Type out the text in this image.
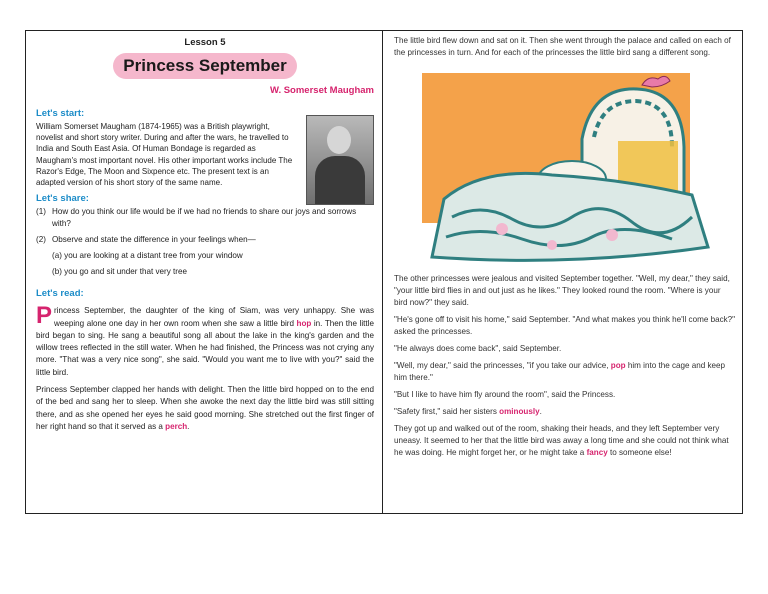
Lesson 5
Princess September
W. Somerset Maugham
Let's start:
William Somerset Maugham (1874-1965) was a British playwright, novelist and short story writer. During and after the wars, he travelled to India and South East Asia. Of Human Bondage is regarded as Maugham's most important novel. His other important works include The Razor's Edge, The Moon and Sixpence etc. The present text is an adapted version of his short story of the same name.
Let's share:
(1) How do you think our life would be if we had no friends to share our joys and sorrows with?
(2) Observe and state the difference in your feelings when—
(a) you are looking at a distant tree from your window
(b) you go and sit under that very tree
Let's read:
Princess September, the daughter of the king of Siam, was very unhappy. She was weeping alone one day in her own room when she saw a little bird hop in. Then the little bird began to sing. He sang a beautiful song all about the lake in the king's garden and the willow trees reflected in the still water. When he had finished, the Princess was not crying any more. "That was a very nice song", she said. "Would you want me to live with you?" said the little bird.
Princess September clapped her hands with delight. Then the little bird hopped on to the end of the bed and sang her to sleep. When she awoke the next day the little bird was still sitting there, and as she opened her eyes he said good morning. She stretched out the first finger of her right hand so that it served as a perch.

The little bird flew down and sat on it. Then she went through the palace and called on each of the princesses in turn. And for each of the princesses the little bird sang a different song.

The other princesses were jealous and visited September together. "Well, my dear," they said, "your little bird flies in and out just as he likes." They looked round the room. "Where is your bird now?" they said.

"He's gone off to visit his home," said September. "And what makes you think he'll come back?" asked the princesses.

"He always does come back", said September.

"Well, my dear," said the princesses, "if you take our advice, pop him into the cage and keep him there."

"But I like to have him fly around the room", said the Princess.

"Safety first," said her sisters ominously.

They got up and walked out of the room, shaking their heads, and they left September very uneasy. It seemed to her that the little bird was away a long time and she could not think what he was doing. He might forget her, or he might take a fancy to someone else!
